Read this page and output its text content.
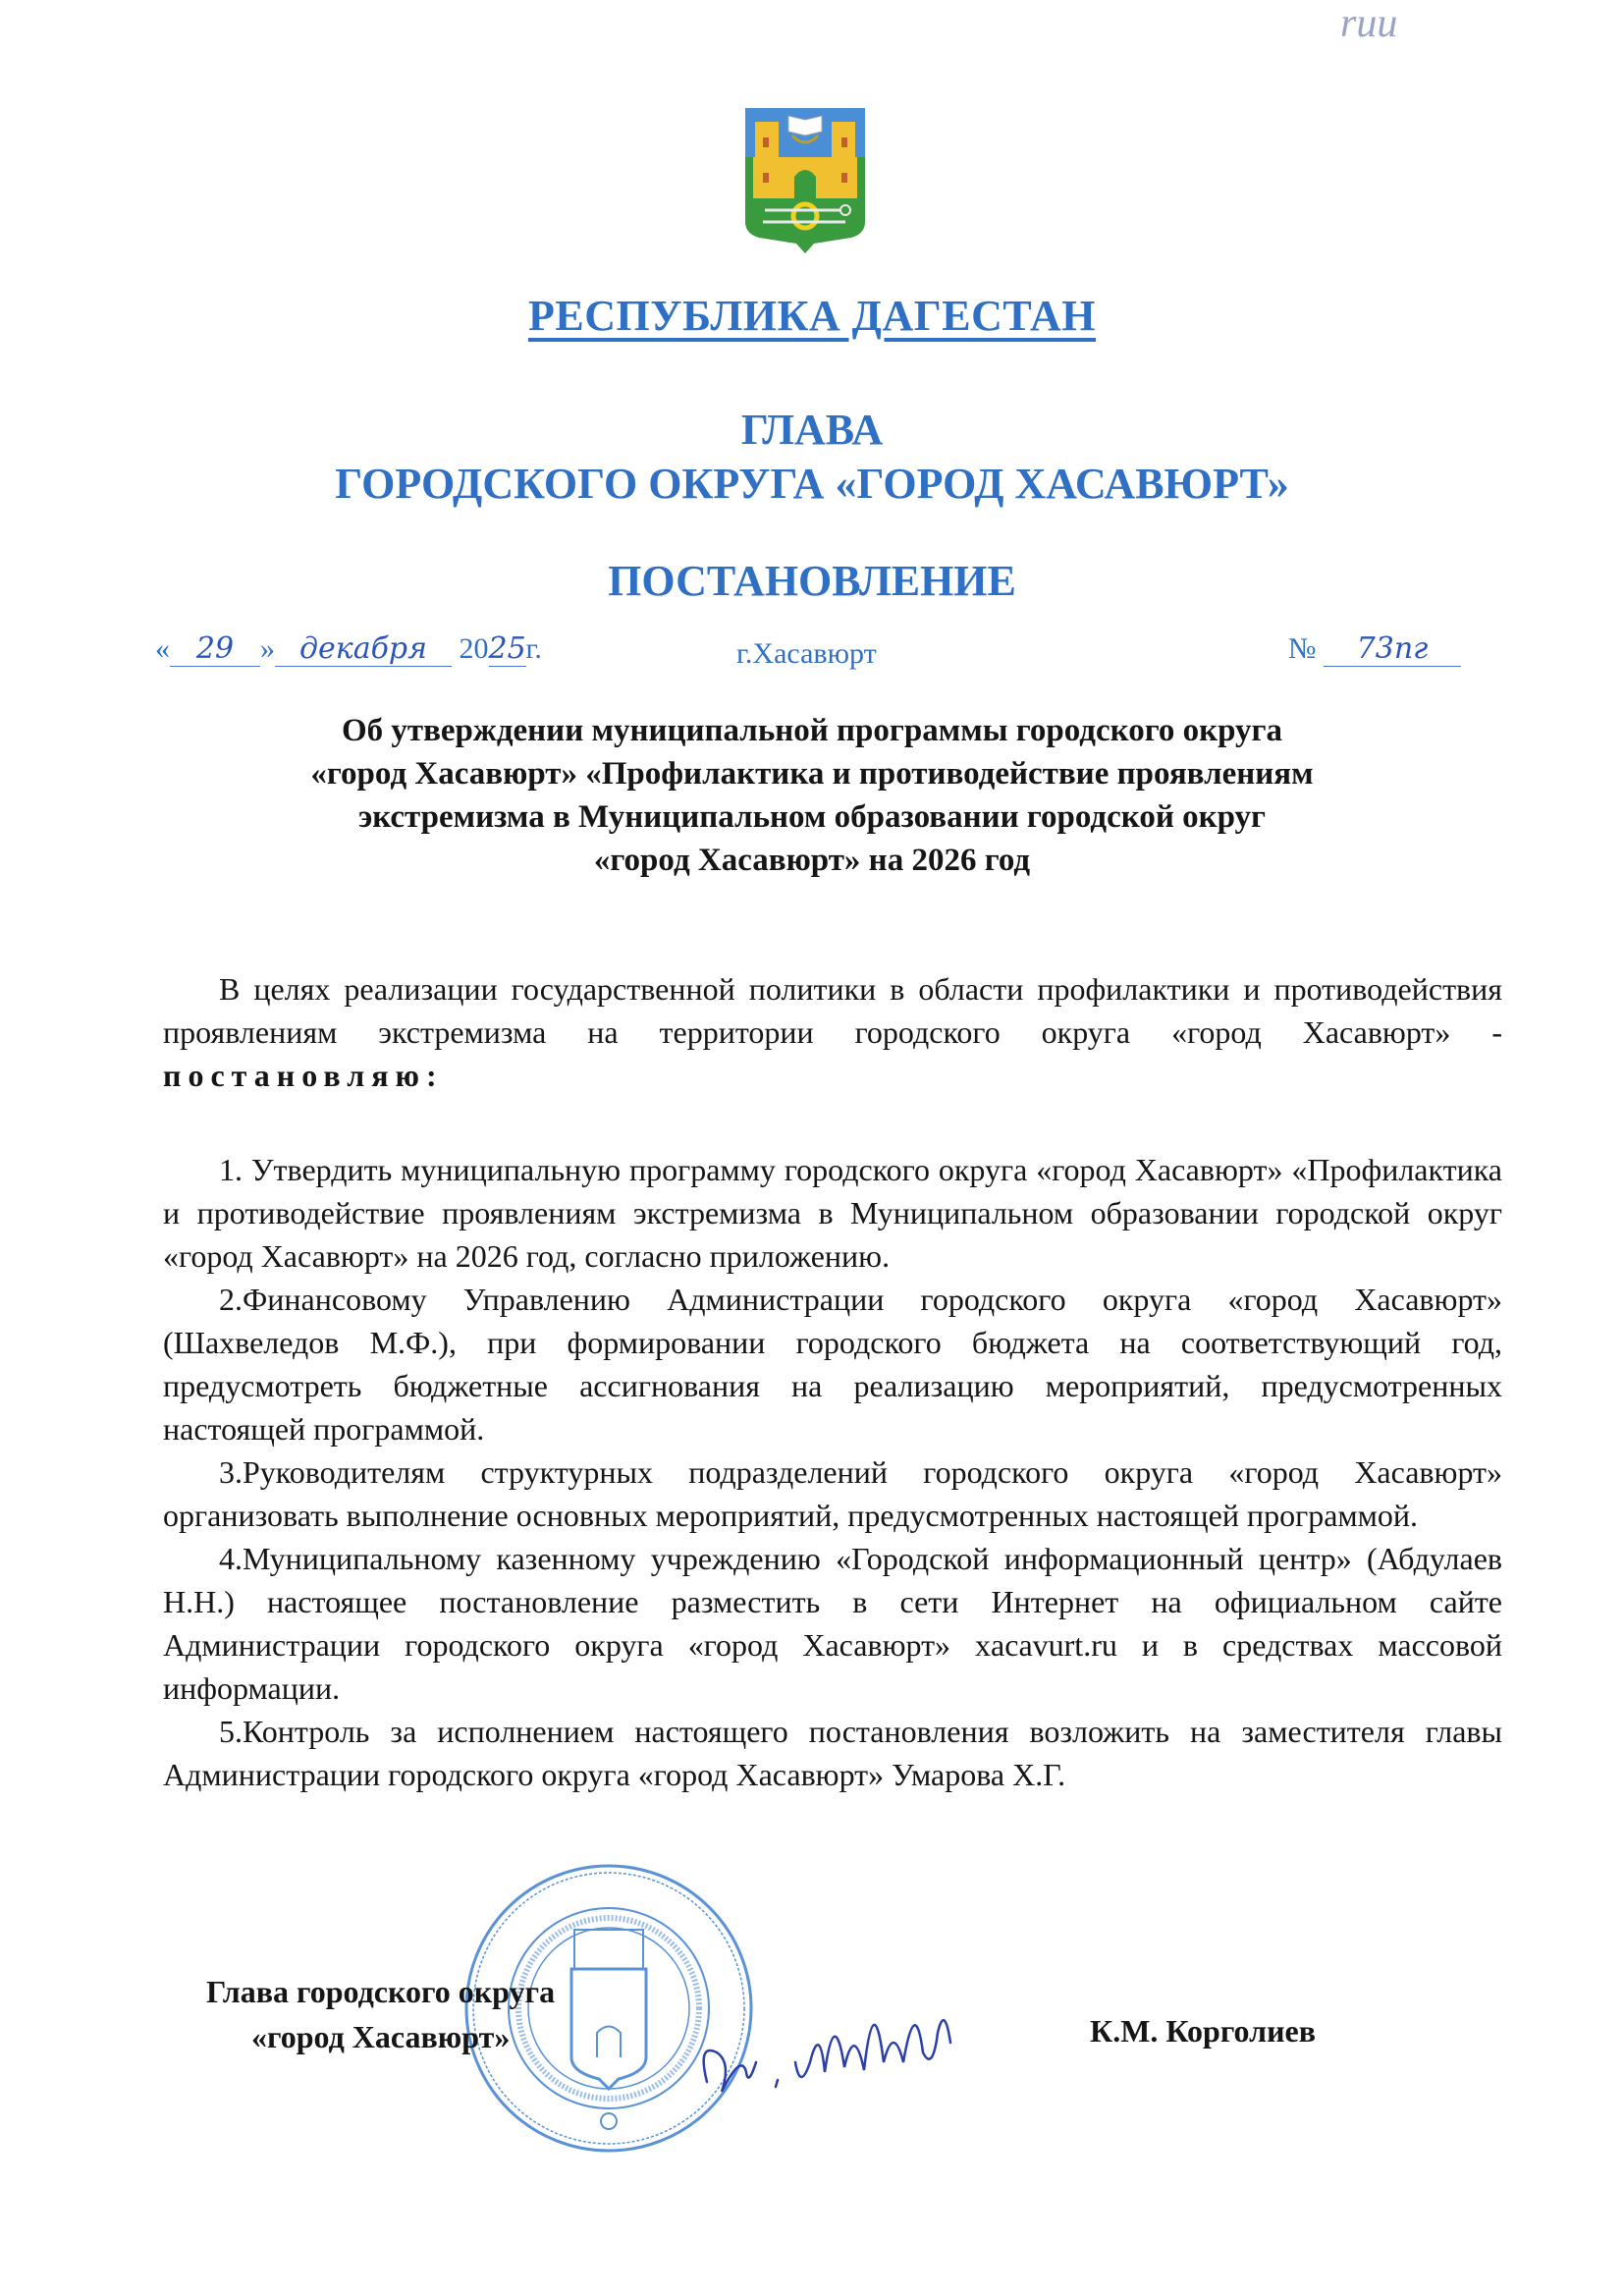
rиu
РЕСПУБЛИКА ДАГЕСТАН
ГЛАВА
ГОРОДСКОГО ОКРУГА «ГОРОД ХАСАВЮРТ»
ПОСТАНОВЛЕНИЕ
« 29 » декабря 2025г.	г.Хасавюрт	№ 73пг
Об утверждении муниципальной программы городского округа
«город Хасавюрт» «Профилактика и противодействие проявлениям
экстремизма в Муниципальном образовании городской округ
«город Хасавюрт» на 2026 год

В целях реализации государственной политики в области профилактики и противодействия проявлениям экстремизма на территории городского округа «город Хасавюрт» - постановляю:

1. Утвердить муниципальную программу городского округа «город Хасавюрт» «Профилактика и противодействие проявлениям экстремизма в Муниципальном образовании городской округ «город Хасавюрт» на 2026 год, согласно приложению.

2.Финансовому Управлению Администрации городского округа «город Хасавюрт» (Шахвеледов М.Ф.), при формировании городского бюджета на соответствующий год, предусмотреть бюджетные ассигнования на реализацию мероприятий, предусмотренных настоящей программой.

3.Руководителям структурных подразделений городского округа «город Хасавюрт» организовать выполнение основных мероприятий, предусмотренных настоящей программой.

4.Муниципальному казенному учреждению «Городской информационный центр» (Абдулаев Н.Н.) настоящее постановление разместить в сети Интернет на официальном сайте Администрации городского округа «город Хасавюрт» xacavurt.ru и в средствах массовой информации.

5.Контроль за исполнением настоящего постановления возложить на заместителя главы Администрации городского округа «город Хасавюрт» Умарова Х.Г.

Глава городского округа
«город Хасавюрт»	К.М. Корголиев
